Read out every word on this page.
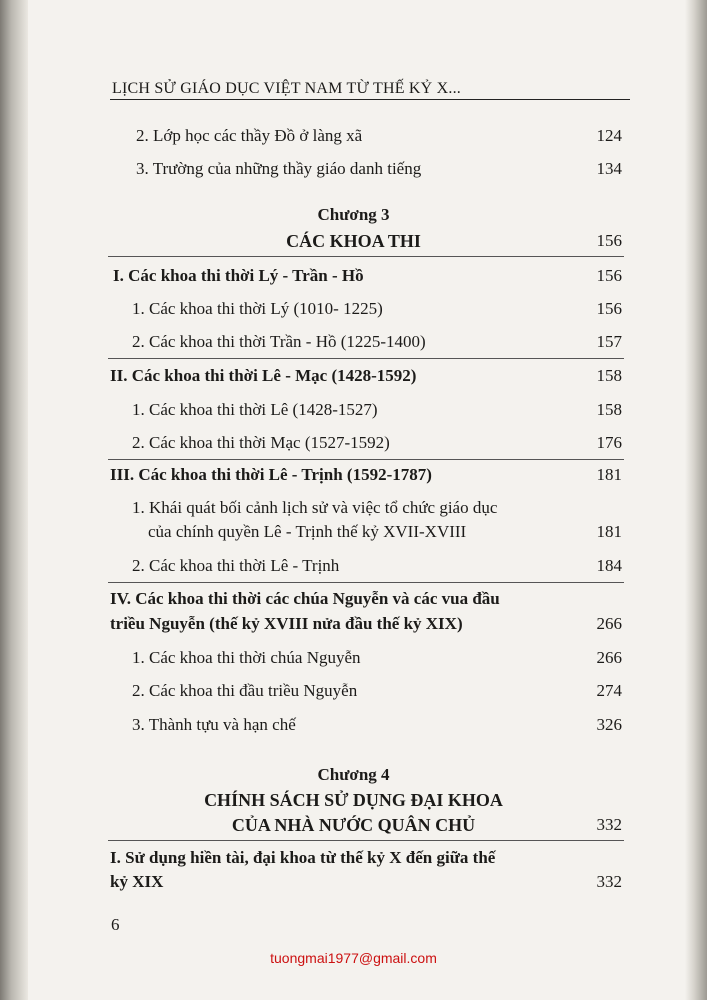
LỊCH SỬ GIÁO DỤC VIỆT NAM TỪ THẾ KỶ X...
2. Lớp học các thầy Đồ ở làng xã	124
3. Trường của những thầy giáo danh tiếng	134
Chương 3
CÁC KHOA THI	156
I. Các khoa thi thời Lý - Trần - Hồ	156
1. Các khoa thi thời Lý (1010- 1225)	156
2. Các khoa thi thời Trần - Hồ (1225-1400)	157
II. Các khoa thi thời Lê - Mạc (1428-1592)	158
1. Các khoa thi thời Lê (1428-1527)	158
2. Các khoa thi thời Mạc (1527-1592)	176
III. Các khoa thi thời Lê - Trịnh (1592-1787)	181
1. Khái quát bối cảnh lịch sử và việc tổ chức giáo dục
của chính quyền Lê - Trịnh thế kỷ XVII-XVIII	181
2. Các khoa thi thời Lê - Trịnh	184
IV. Các khoa thi thời các chúa Nguyễn và các vua đầu
triều Nguyễn (thế kỷ XVIII nửa đầu thế kỷ XIX)	266
1. Các khoa thi thời chúa Nguyễn	266
2. Các khoa thi đầu triều Nguyễn	274
3. Thành tựu và hạn chế	326
Chương 4
CHÍNH SÁCH SỬ DỤNG ĐẠI KHOA
CỦA NHÀ NƯỚC QUÂN CHỦ	332
I. Sử dụng hiền tài, đại khoa từ thế kỷ X đến giữa thế
kỷ XIX	332
6
tuongmai1977@gmail.com
